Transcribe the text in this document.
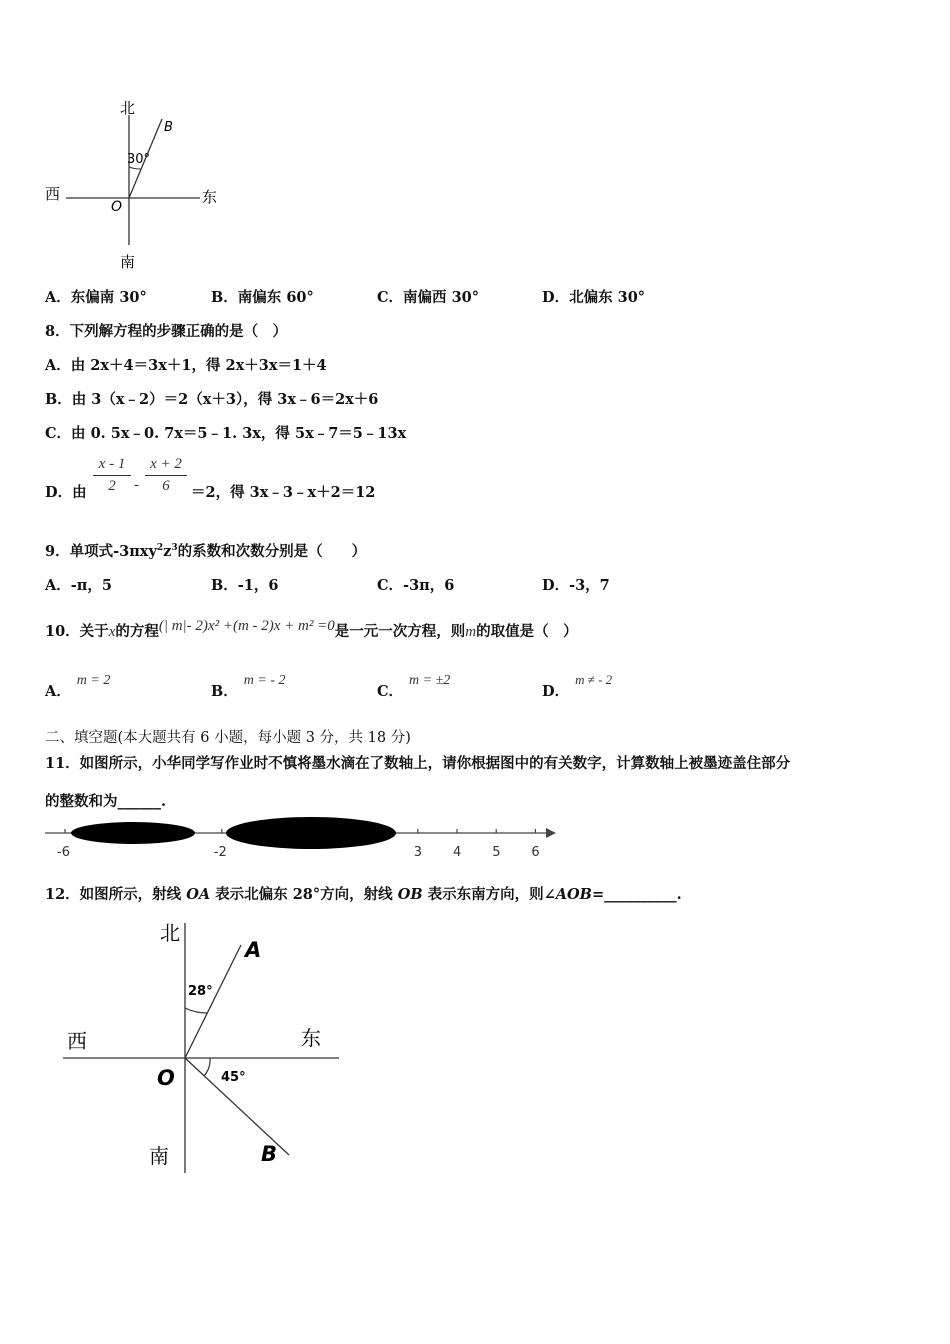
北
南
西	东
O
B
30°
A．东偏南 30°	B．南偏东 60°	C．南偏西 30°	D．北偏东 30°
8．下列解方程的步骤正确的是（　）
A．由 2x＋4＝3x＋1，得 2x＋3x＝1＋4
B．由 3（x﹣2）＝2（x＋3），得 3x﹣6＝2x＋6
C．由 0. 5x﹣0. 7x＝5﹣1. 3x，得 5x﹣7＝5﹣13x
D．由
x - 1
2	-
x + 2
6	＝2，得 3x﹣3﹣x＋2＝12
9．单项式$-3\pi xy^2z^3$的系数和次数分别是（　　）
A．-π，5	B．-1，6	C．-3π，6	D．-3，7
10．关于x的方程(| m|- 2)x² +(m - 2)x + m² =0是一元一次方程，则m的取值是（　）
A．m = 2
B．m = - 2
C．m = ±2
D．m ≠ - 2
二、填空题(本大题共有 6 小题，每小题 3 分，共 18 分)
11．如图所示，小华同学写作业时不慎将墨水滴在了数轴上，请你根据图中的有关数字，计算数轴上被墨迹盖住部分
的整数和为______.
-6	-2	3 4 5 6
12．如图所示，射线 OA 表示北偏东 28°方向，射线 OB 表示东南方向，则∠AOB=__________.
北
南
西	东
O
A
B
28°
45°
